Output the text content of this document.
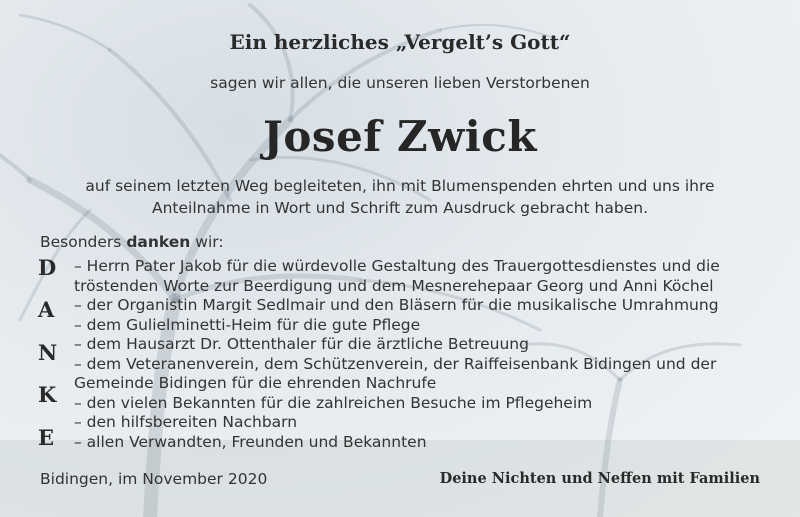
Ein herzliches „Vergelt’s Gott“

sagen wir allen, die unseren lieben Verstorbenen

Josef Zwick

auf seinem letzten Weg begleiteten, ihn mit Blumenspenden ehrten und uns ihre
Anteilnahme in Wort und Schrift zum Ausdruck gebracht haben.
Besonders danken wir:
D
A
N
K
E
– Herrn Pater Jakob für die würdevolle Gestaltung des Trauergottesdienstes und die
tröstenden Worte zur Beerdigung und dem Mesnerehepaar Georg und Anni Köchel
– der Organistin Margit Sedlmair und den Bläsern für die musikalische Umrahmung
– dem Gulielminetti-Heim für die gute Pflege
– dem Hausarzt Dr. Ottenthaler für die ärztliche Betreuung
– dem Veteranenverein, dem Schützenverein, der Raiffeisenbank Bidingen und der
Gemeinde Bidingen für die ehrenden Nachrufe
– den vielen Bekannten für die zahlreichen Besuche im Pflegeheim
– den hilfsbereiten Nachbarn
– allen Verwandten, Freunden und Bekannten
Bidingen, im November 2020	Deine Nichten und Neffen mit Familien
